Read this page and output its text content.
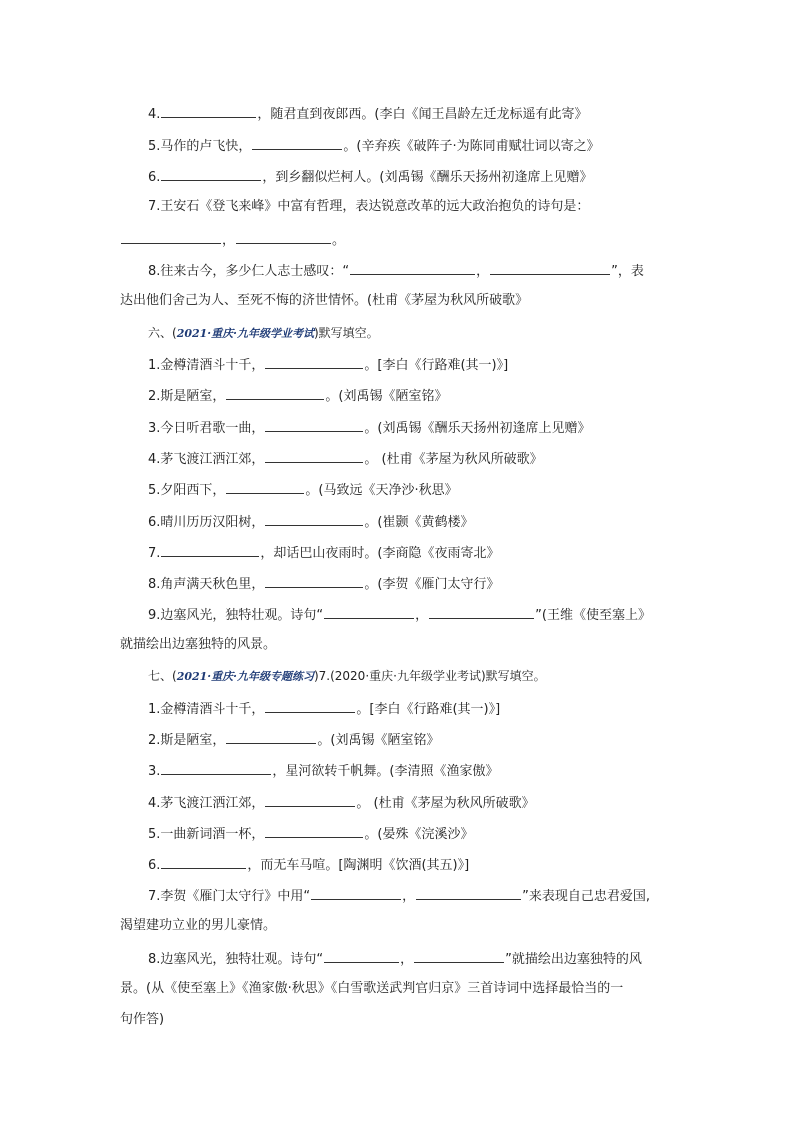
4.	，随君直到夜郎西。(李白《闻王昌龄左迁龙标遥有此寄》
5.马作的卢飞快，	。(辛弃疾《破阵子·为陈同甫赋壮词以寄之》
6.	，到乡翻似烂柯人。(刘禹锡《酬乐天扬州初逢席上见赠》
7.王安石《登飞来峰》中富有哲理，表达锐意改革的远大政治抱负的诗句是：
，	。
8.往来古今，多少仁人志士感叹：“	，	”，表
达出他们舍己为人、至死不悔的济世情怀。(杜甫《茅屋为秋风所破歌》
六、(2021·重庆·九年级学业考试)默写填空。
1.金樽清酒斗十千，	。[李白《行路难(其一)》]
2.斯是陋室，	。(刘禹锡《陋室铭》
3.今日听君歌一曲，	。(刘禹锡《酬乐天扬州初逢席上见赠》
4.茅飞渡江洒江郊，	。 (杜甫《茅屋为秋风所破歌》
5.夕阳西下，	。(马致远《天净沙·秋思》
6.晴川历历汉阳树，	。(崔颢《黄鹤楼》
7.	，却话巴山夜雨时。(李商隐《夜雨寄北》
8.角声满天秋色里，	。(李贺《雁门太守行》
9.边塞风光，独特壮观。诗句“	，	”(王维《使至塞上》
就描绘出边塞独特的风景。
七、(2021·重庆·九年级专题练习)7.(2020·重庆·九年级学业考试)默写填空。
1.金樽清酒斗十千，	。[李白《行路难(其一)》]
2.斯是陋室，	。(刘禹锡《陋室铭》
3.	，星河欲转千帆舞。(李清照《渔家傲》
4.茅飞渡江洒江郊，	。 (杜甫《茅屋为秋风所破歌》
5.一曲新词酒一杯，	。(晏殊《浣溪沙》
6.	，而无车马喧。[陶渊明《饮酒(其五)》]
7.李贺《雁门太守行》中用“	，	”来表现自己忠君爱国,
渴望建功立业的男儿豪情。
8.边塞风光，独特壮观。诗句“	，	”就描绘出边塞独特的风
景。(从《使至塞上》《渔家傲·秋思》《白雪歌送武判官归京》三首诗词中选择最恰当的一
句作答)
